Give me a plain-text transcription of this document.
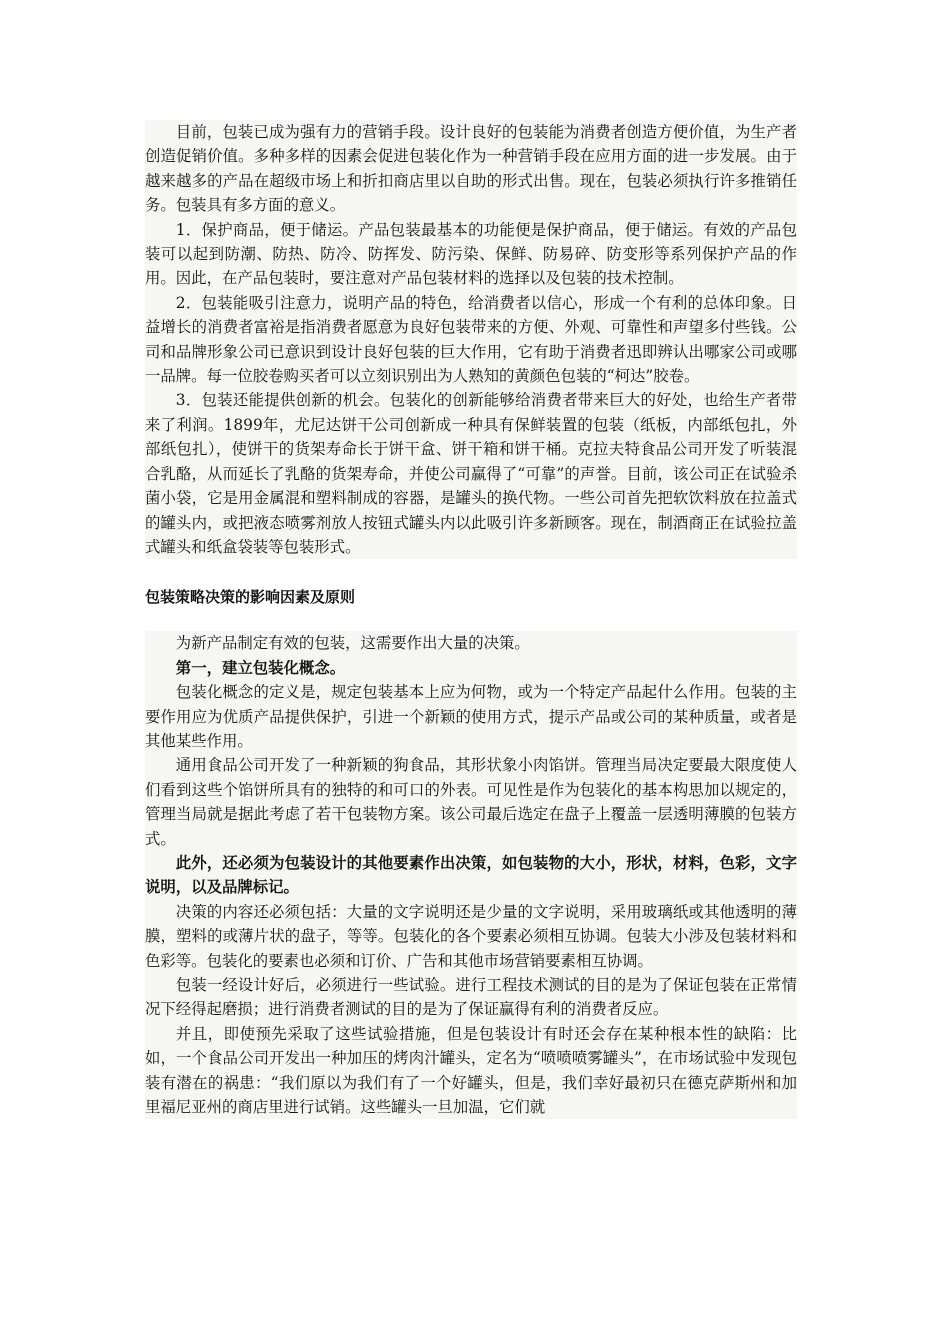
目前，包装已成为强有力的营销手段。设计良好的包装能为消费者创造方便价值，为生产者创造促销价值。多种多样的因素会促进包装化作为一种营销手段在应用方面的进一步发展。由于越来越多的产品在超级市场上和折扣商店里以自助的形式出售。现在，包装必须执行许多推销任务。包装具有多方面的意义。

1．保护商品，便于储运。产品包装最基本的功能便是保护商品，便于储运。有效的产品包装可以起到防潮、防热、防冷、防挥发、防污染、保鲜、防易碎、防变形等系列保护产品的作用。因此，在产品包装时，要注意对产品包装材料的选择以及包装的技术控制。

2．包装能吸引注意力，说明产品的特色，给消费者以信心，形成一个有利的总体印象。日益增长的消费者富裕是指消费者愿意为良好包装带来的方便、外观、可靠性和声望多付些钱。公司和品牌形象公司已意识到设计良好包装的巨大作用，它有助于消费者迅即辨认出哪家公司或哪一品牌。每一位胶卷购买者可以立刻识别出为人熟知的黄颜色包装的“柯达”胶卷。

3．包装还能提供创新的机会。包装化的创新能够给消费者带来巨大的好处，也给生产者带来了利润。1899年，尤尼达饼干公司创新成一种具有保鲜装置的包装（纸板，内部纸包扎，外部纸包扎），使饼干的货架寿命长于饼干盒、饼干箱和饼干桶。克拉夫特食品公司开发了听装混合乳酪，从而延长了乳酪的货架寿命，并使公司赢得了“可靠”的声誉。目前，该公司正在试验杀菌小袋，它是用金属混和塑料制成的容器，是罐头的换代物。一些公司首先把软饮料放在拉盖式的罐头内，或把液态喷雾剂放人按钮式罐头内以此吸引许多新顾客。现在，制酒商正在试验拉盖式罐头和纸盒袋装等包装形式。

包装策略决策的影响因素及原则

为新产品制定有效的包装，这需要作出大量的决策。

第一，建立包装化概念。

包装化概念的定义是，规定包装基本上应为何物，或为一个特定产品起什么作用。包装的主要作用应为优质产品提供保护，引进一个新颖的使用方式，提示产品或公司的某种质量，或者是其他某些作用。

通用食品公司开发了一种新颖的狗食品，其形状象小肉馅饼。管理当局决定要最大限度使人们看到这些个馅饼所具有的独特的和可口的外表。可见性是作为包装化的基本构思加以规定的，管理当局就是据此考虑了若干包装物方案。该公司最后选定在盘子上覆盖一层透明薄膜的包装方式。

此外，还必须为包装设计的其他要素作出决策，如包装物的大小，形状，材料，色彩，文字说明，以及品牌标记。

决策的内容还必须包括：大量的文字说明还是少量的文字说明，采用玻璃纸或其他透明的薄膜，塑料的或薄片状的盘子，等等。包装化的各个要素必须相互协调。包装大小涉及包装材料和色彩等。包装化的要素也必须和订价、广告和其他市场营销要素相互协调。

包装一经设计好后，必须进行一些试验。进行工程技术测试的目的是为了保证包装在正常情况下经得起磨损；进行消费者测试的目的是为了保证赢得有利的消费者反应。

并且，即使预先采取了这些试验措施，但是包装设计有时还会存在某种根本性的缺陷：比如，一个食品公司开发出一种加压的烤肉汁罐头，定名为“喷喷喷雾罐头”，在市场试验中发现包装有潜在的祸患：“我们原以为我们有了一个好罐头，但是，我们幸好最初只在德克萨斯州和加里福尼亚州的商店里进行试销。这些罐头一旦加温，它们就
